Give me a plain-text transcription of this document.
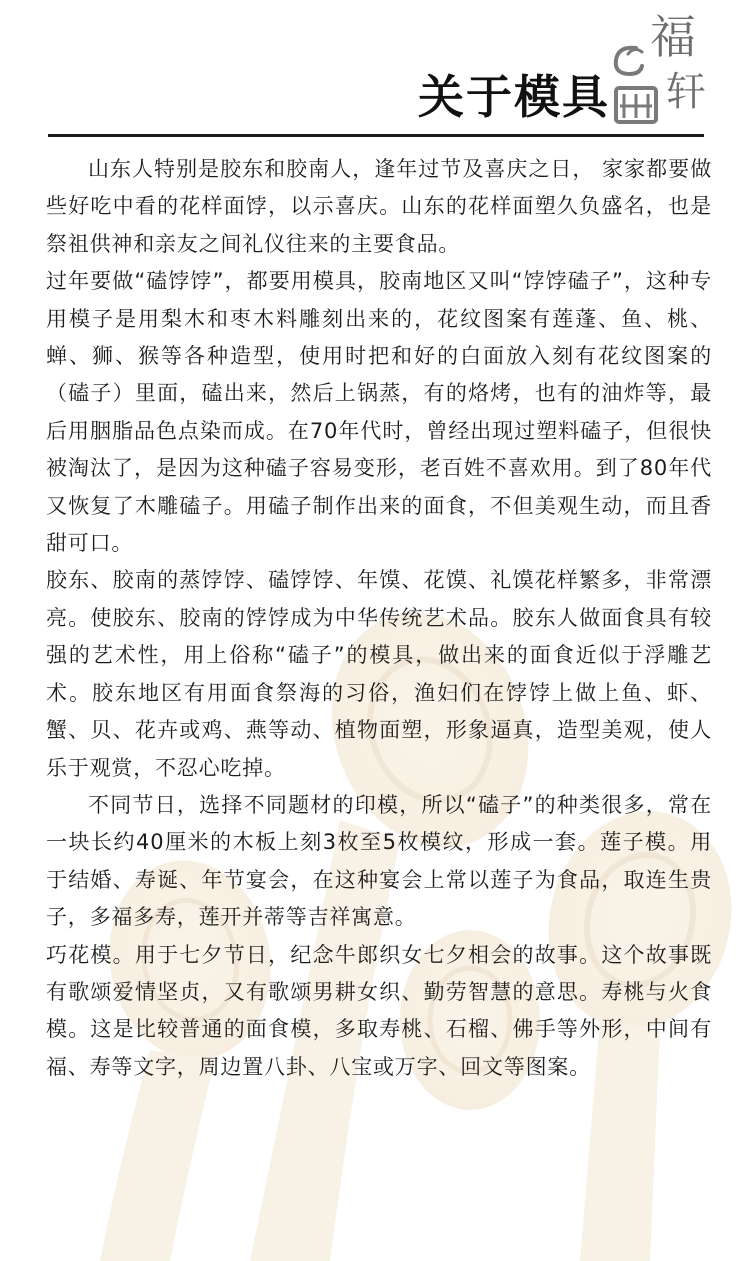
福
轩
关于模具

山东人特别是胶东和胶南人，逢年过节及喜庆之日， 家家都要做些好吃中看的花样面饽，以示喜庆。山东的花样面塑久负盛名，也是祭祖供神和亲友之间礼仪往来的主要食品。

过年要做“磕饽饽”，都要用模具，胶南地区又叫“饽饽磕子”，这种专用模子是用梨木和枣木料雕刻出来的，花纹图案有莲蓬、鱼、桃、蝉、狮、猴等各种造型，使用时把和好的白面放入刻有花纹图案的（磕子）里面，磕出来，然后上锅蒸，有的烙烤，也有的油炸等，最后用胭脂品色点染而成。在70年代时，曾经出现过塑料磕子，但很快被淘汰了，是因为这种磕子容易变形，老百姓不喜欢用。到了80年代又恢复了木雕磕子。用磕子制作出来的面食，不但美观生动，而且香甜可口。

胶东、胶南的蒸饽饽、磕饽饽、年馍、花馍、礼馍花样繁多，非常漂亮。使胶东、胶南的饽饽成为中华传统艺术品。胶东人做面食具有较强的艺术性，用上俗称“磕子”的模具，做出来的面食近似于浮雕艺术。胶东地区有用面食祭海的习俗，渔妇们在饽饽上做上鱼、虾、蟹、贝、花卉或鸡、燕等动、植物面塑，形象逼真，造型美观，使人乐于观赏，不忍心吃掉。

不同节日，选择不同题材的印模，所以“磕子”的种类很多，常在一块长约40厘米的木板上刻3枚至5枚模纹，形成一套。莲子模。用于结婚、寿诞、年节宴会，在这种宴会上常以莲子为食品，取连生贵子，多福多寿，莲开并蒂等吉祥寓意。

巧花模。用于七夕节日，纪念牛郎织女七夕相会的故事。这个故事既有歌颂爱情坚贞，又有歌颂男耕女织、勤劳智慧的意思。寿桃与火食模。这是比较普通的面食模，多取寿桃、石榴、佛手等外形，中间有福、寿等文字，周边置八卦、八宝或万字、回文等图案。
